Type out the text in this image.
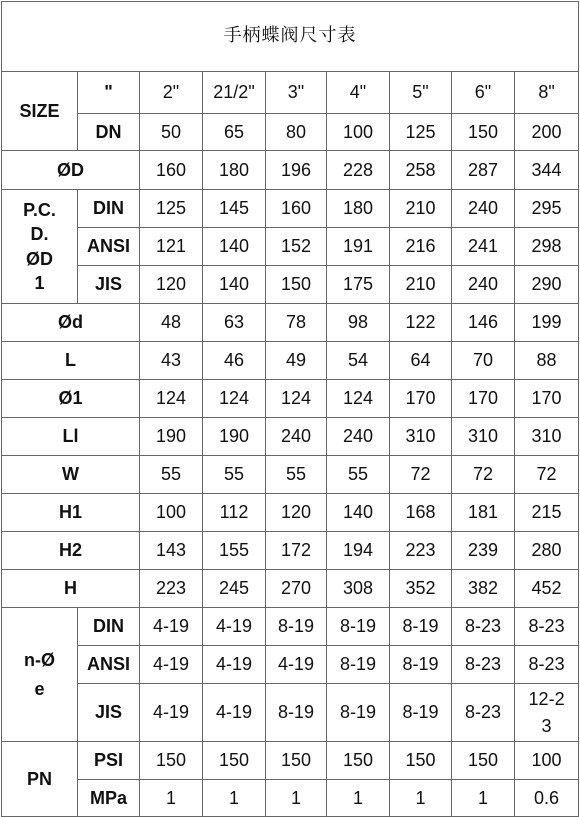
手柄蝶阀尺寸表								
SIZE	"	2"	21/2"	3"	4"	5"	6"	8"
	DN	50	65	80	100	125	150	200
ØD		160	180	196	228	258	287	344
P.C.
D.
ØD
1	DIN	125	145	160	180	210	240	295
	ANSI	121	140	152	191	216	241	298
	JIS	120	140	150	175	210	240	290
Ød		48	63	78	98	122	146	199
L		43	46	49	54	64	70	88
Ø1		124	124	124	124	170	170	170
Ll		190	190	240	240	310	310	310
W		55	55	55	55	72	72	72
H1		100	112	120	140	168	181	215
H2		143	155	172	194	223	239	280
H		223	245	270	308	352	382	452
n-Ø
e	DIN	4-19	4-19	8-19	8-19	8-19	8-23	8-23
	ANSI	4-19	4-19	4-19	8-19	8-19	8-23	8-23
	JIS	4-19	4-19	8-19	8-19	8-19	8-23	12-2
3
PN	PSI	150	150	150	150	150	150	100
	MPa	1	1	1	1	1	1	0.6
